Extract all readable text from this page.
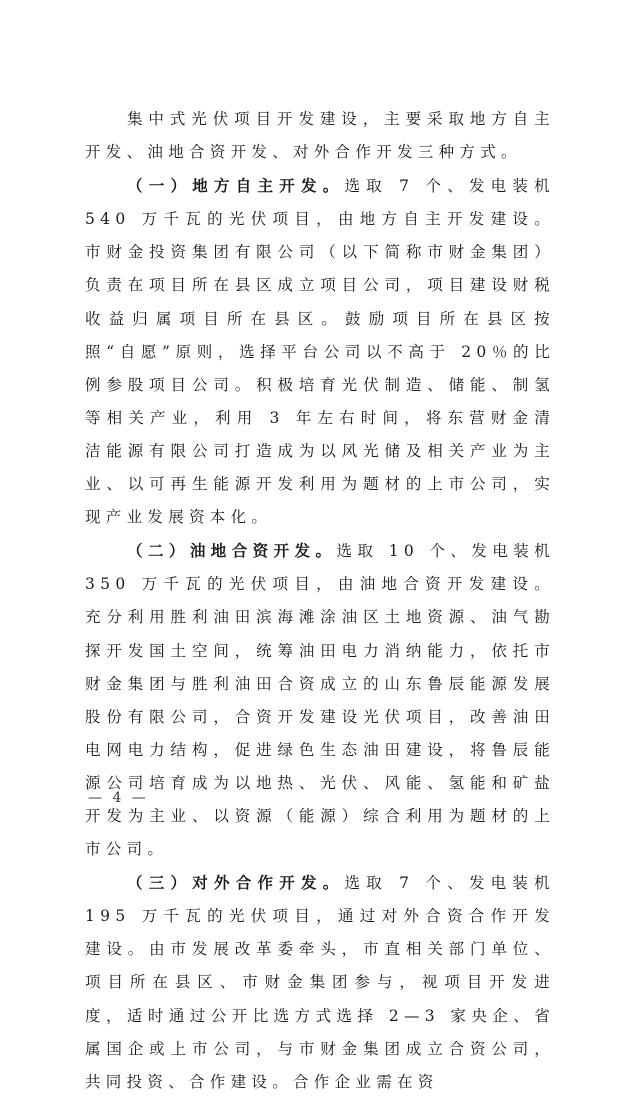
集中式光伏项目开发建设，主要采取地方自主开发、油地合资开发、对外合作开发三种方式。

（一）地方自主开发。选取 7 个、发电装机 540 万千瓦的光伏项目，由地方自主开发建设。市财金投资集团有限公司（以下简称市财金集团）负责在项目所在县区成立项目公司，项目建设财税收益归属项目所在县区。鼓励项目所在县区按照“自愿”原则，选择平台公司以不高于 20％的比例参股项目公司。积极培育光伏制造、储能、制氢等相关产业，利用 3 年左右时间，将东营财金清洁能源有限公司打造成为以风光储及相关产业为主业、以可再生能源开发利用为题材的上市公司，实现产业发展资本化。

（二）油地合资开发。选取 10 个、发电装机 350 万千瓦的光伏项目，由油地合资开发建设。充分利用胜利油田滨海滩涂油区土地资源、油气勘探开发国土空间，统筹油田电力消纳能力，依托市财金集团与胜利油田合资成立的山东鲁辰能源发展股份有限公司，合资开发建设光伏项目，改善油田电网电力结构，促进绿色生态油田建设，将鲁辰能源公司培育成为以地热、光伏、风能、氢能和矿盐开发为主业、以资源（能源）综合利用为题材的上市公司。

（三）对外合作开发。选取 7 个、发电装机 195 万千瓦的光伏项目，通过对外合资合作开发建设。由市发展改革委牵头，市直相关部门单位、项目所在县区、市财金集团参与，视项目开发进度，适时通过公开比选方式选择 2—3 家央企、省属国企或上市公司，与市财金集团成立合资公司，共同投资、合作建设。合作企业需在资

— 4 —
